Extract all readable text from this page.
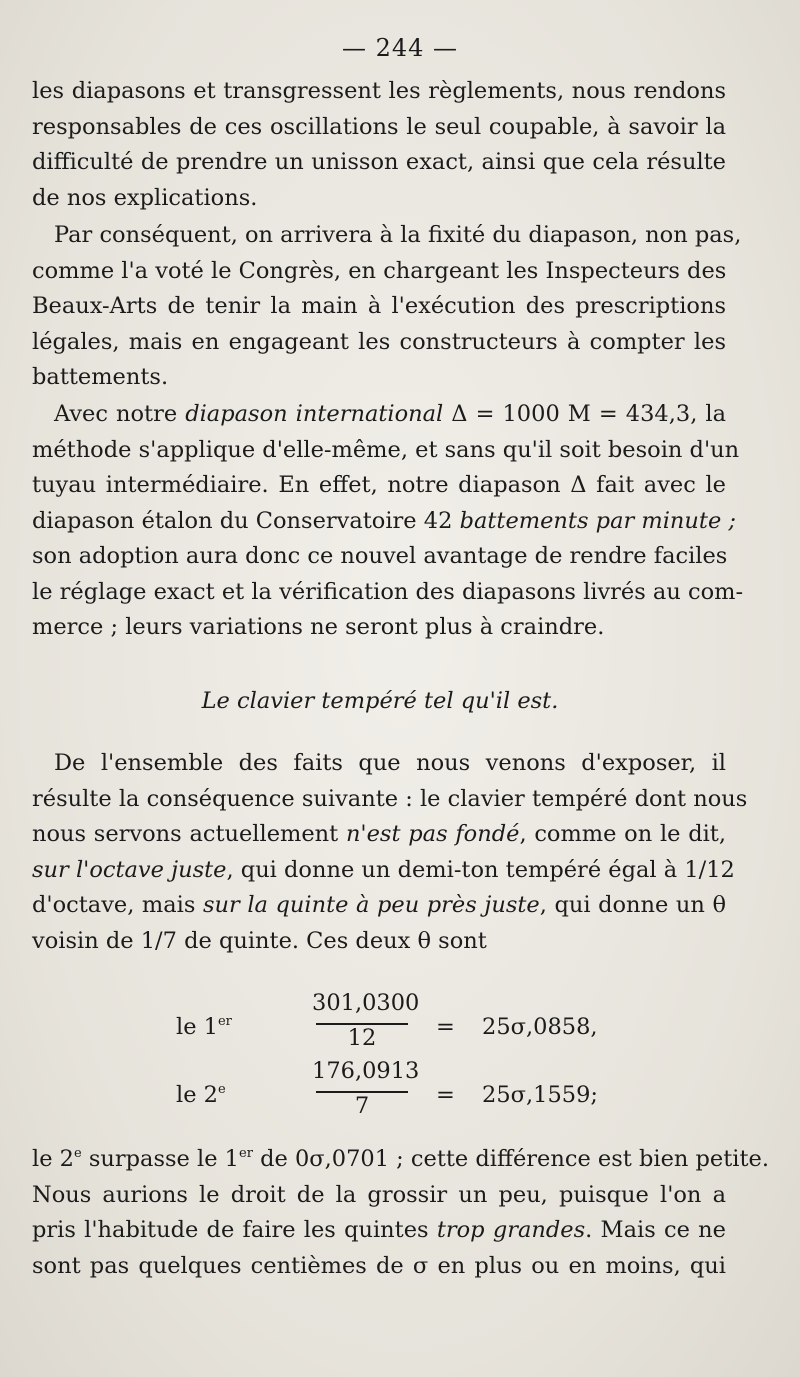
— 244 —
les diapasons et transgressent les règlements, nous rendons
responsables de ces oscillations le seul coupable, à savoir la
difficulté de prendre un unisson exact, ainsi que cela résulte
de nos explications.
Par conséquent, on arrivera à la fixité du diapason, non pas,
comme l'a voté le Congrès, en chargeant les Inspecteurs des
Beaux-Arts de tenir la main à l'exécution des prescriptions
légales, mais en engageant les constructeurs à compter les
battements.
Avec notre diapason international Δ = 1000 M = 434,3, la
méthode s'applique d'elle-même, et sans qu'il soit besoin d'un
tuyau intermédiaire. En effet, notre diapason Δ fait avec le
diapason étalon du Conservatoire 42 battements par minute ;
son adoption aura donc ce nouvel avantage de rendre faciles
le réglage exact et la vérification des diapasons livrés au com-
merce ; leurs variations ne seront plus à craindre.
Le clavier tempéré tel qu'il est.
De l'ensemble des faits que nous venons d'exposer, il
résulte la conséquence suivante : le clavier tempéré dont nous
nous servons actuellement n'est pas fondé, comme on le dit,
sur l'octave juste, qui donne un demi-ton tempéré égal à 1/12
d'octave, mais sur la quinte à peu près juste, qui donne un θ
voisin de 1/7 de quinte. Ces deux θ sont
le 1er
301,0300
12	= 25σ,0858,
le 2e
176,0913
7	= 25σ,1559;
le 2e surpasse le 1er de 0σ,0701 ; cette différence est bien petite.
Nous aurions le droit de la grossir un peu, puisque l'on a
pris l'habitude de faire les quintes trop grandes. Mais ce ne
sont pas quelques centièmes de σ en plus ou en moins, qui
